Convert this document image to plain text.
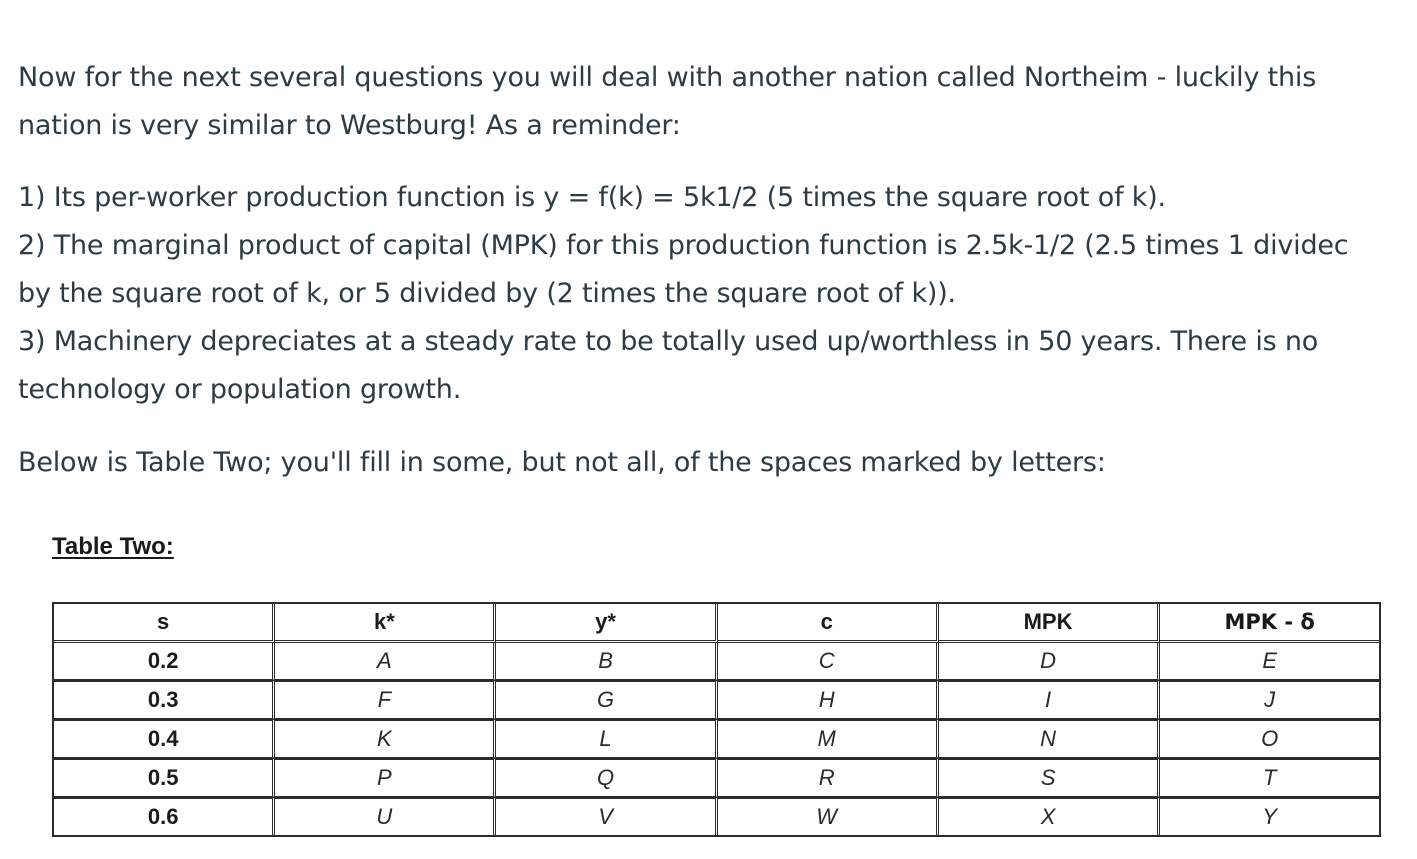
Now for the next several questions you will deal with another nation called Northeim - luckily this
nation is very similar to Westburg! As a reminder:
1) Its per-worker production function is y = f(k) = 5k1/2 (5 times the square root of k).
2) The marginal product of capital (MPK) for this production function is 2.5k-1/2 (2.5 times 1 dividec
by the square root of k, or 5 divided by (2 times the square root of k)).
3) Machinery depreciates at a steady rate to be totally used up/worthless in 50 years. There is no
technology or population growth.
Below is Table Two; you'll fill in some, but not all, of the spaces marked by letters:

Table Two:

s	k*	y*	c	MPK	MPK - δ
0.2	A	B	C	D	E
0.3	F	G	H	I	J
0.4	K	L	M	N	O
0.5	P	Q	R	S	T
0.6	U	V	W	X	Y
